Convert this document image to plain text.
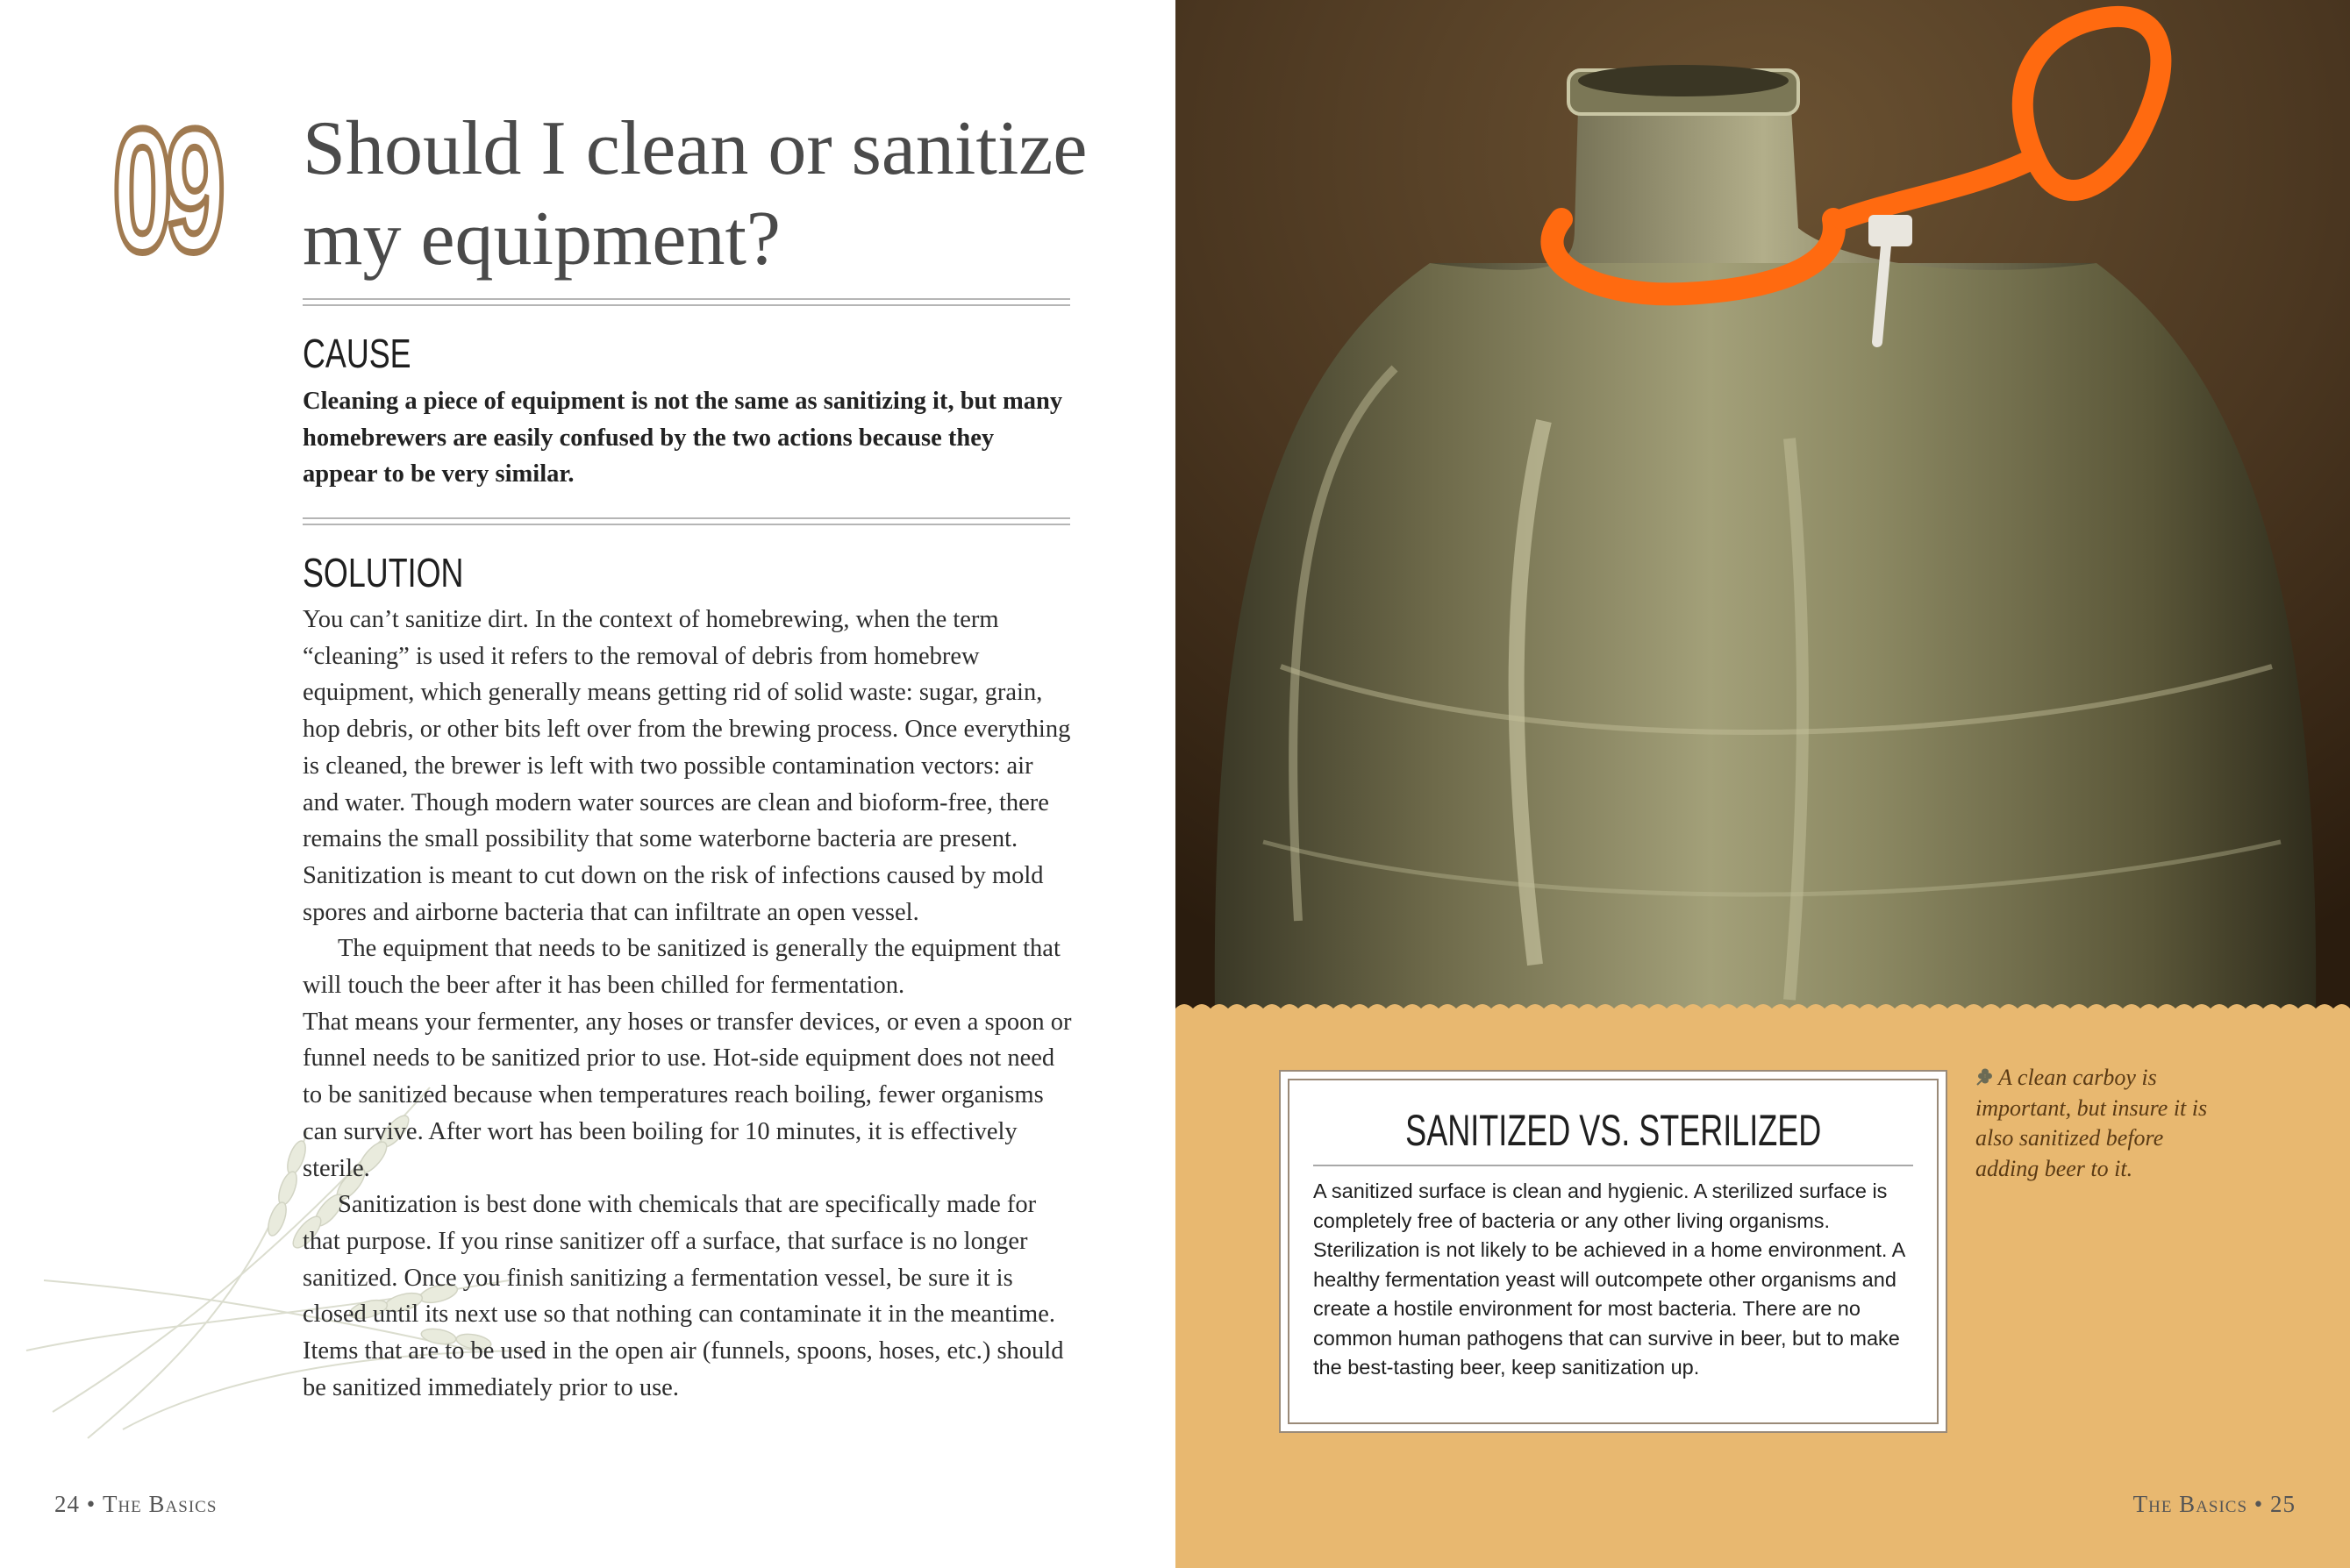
09 Should I clean or sanitize my equipment?
CAUSE

Cleaning a piece of equipment is not the same as sanitizing it, but many homebrewers are easily confused by the two actions because they appear to be very similar.

SOLUTION

You can’t sanitize dirt. In the context of homebrewing, when the term “cleaning” is used it refers to the removal of debris from homebrew equipment, which generally means getting rid of solid waste: sugar, grain, hop debris, or other bits left over from the brewing process. Once everything is cleaned, the brewer is left with two possible contamination vectors: air and water. Though modern water sources are clean and bioform-free, there remains the small possibility that some waterborne bacteria are present. Sanitization is meant to cut down on the risk of infections caused by mold spores and airborne bacteria that can infiltrate an open vessel.

The equipment that needs to be sanitized is generally the equipment that will touch the beer after it has been chilled for fermentation.

That means your fermenter, any hoses or transfer devices, or even a spoon or funnel needs to be sanitized prior to use. Hot-side equipment does not need to be sanitized because when temperatures reach boiling, fewer organisms can survive. After wort has been boiling for 10 minutes, it is effectively sterile.

Sanitization is best done with chemicals that are specifically made for that purpose. If you rinse sanitizer off a surface, that surface is no longer sanitized. Once you finish sanitizing a fermentation vessel, be sure it is closed until its next use so that nothing can contaminate it in the meantime. Items that are to be used in the open air (funnels, spoons, hoses, etc.) should be sanitized immediately prior to use.

24 • The Basics
SANITIZED VS. STERILIZED

A sanitized surface is clean and hygienic. A sterilized surface is completely free of bacteria or any other living organisms. Sterilization is not likely to be achieved in a home environment. A healthy fermentation yeast will outcompete other organisms and create a hostile environment for most bacteria. There are no common human pathogens that can survive in beer, but to make the best-tasting beer, keep sanitization up.

A clean carboy is important, but insure it is also sanitized before adding beer to it.

The Basics • 25
